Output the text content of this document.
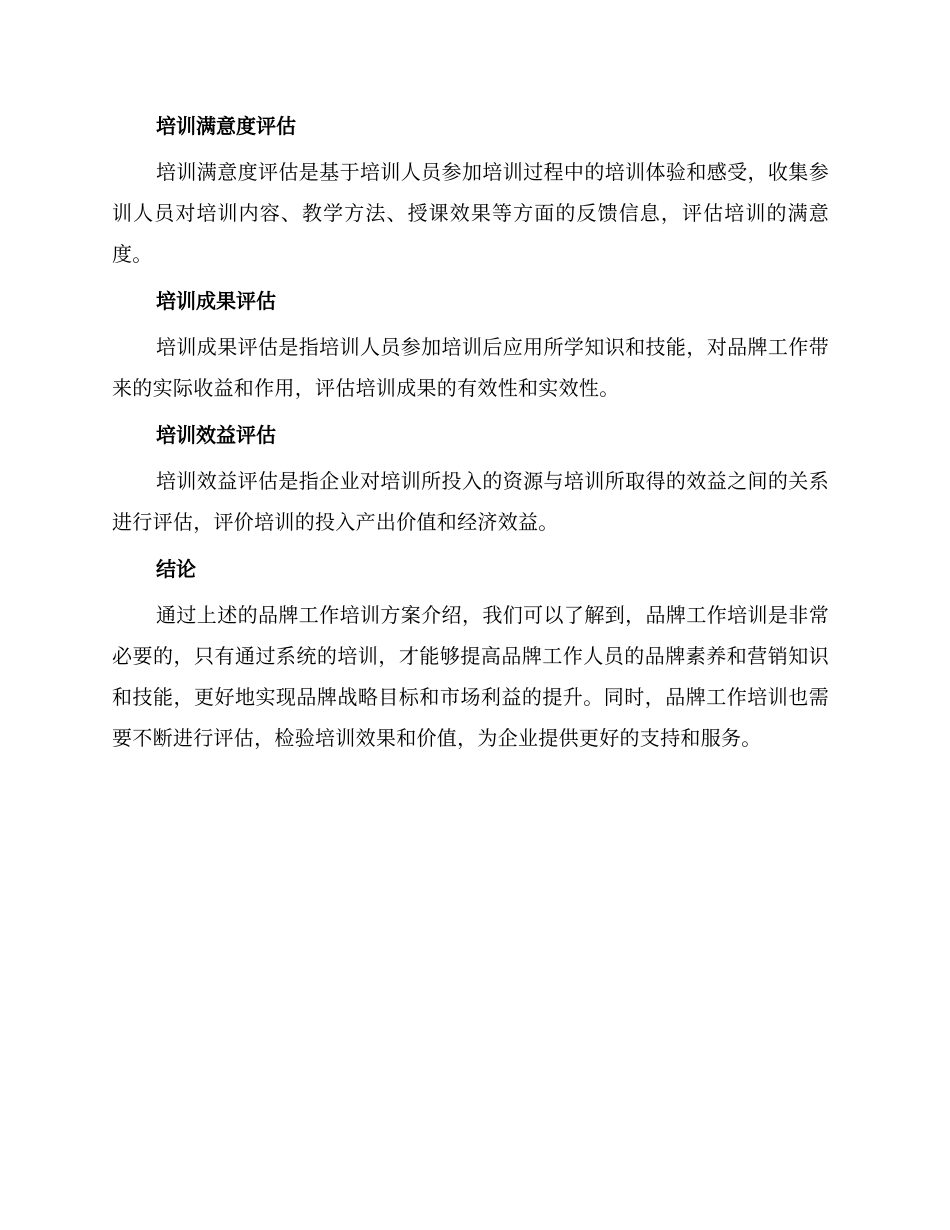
培训满意度评估

培训满意度评估是基于培训人员参加培训过程中的培训体验和感受，收集参训人员对培训内容、教学方法、授课效果等方面的反馈信息，评估培训的满意度。

培训成果评估

培训成果评估是指培训人员参加培训后应用所学知识和技能，对品牌工作带来的实际收益和作用，评估培训成果的有效性和实效性。

培训效益评估

培训效益评估是指企业对培训所投入的资源与培训所取得的效益之间的关系进行评估，评价培训的投入产出价值和经济效益。

结论

通过上述的品牌工作培训方案介绍，我们可以了解到，品牌工作培训是非常必要的，只有通过系统的培训，才能够提高品牌工作人员的品牌素养和营销知识和技能，更好地实现品牌战略目标和市场利益的提升。同时，品牌工作培训也需要不断进行评估，检验培训效果和价值，为企业提供更好的支持和服务。
